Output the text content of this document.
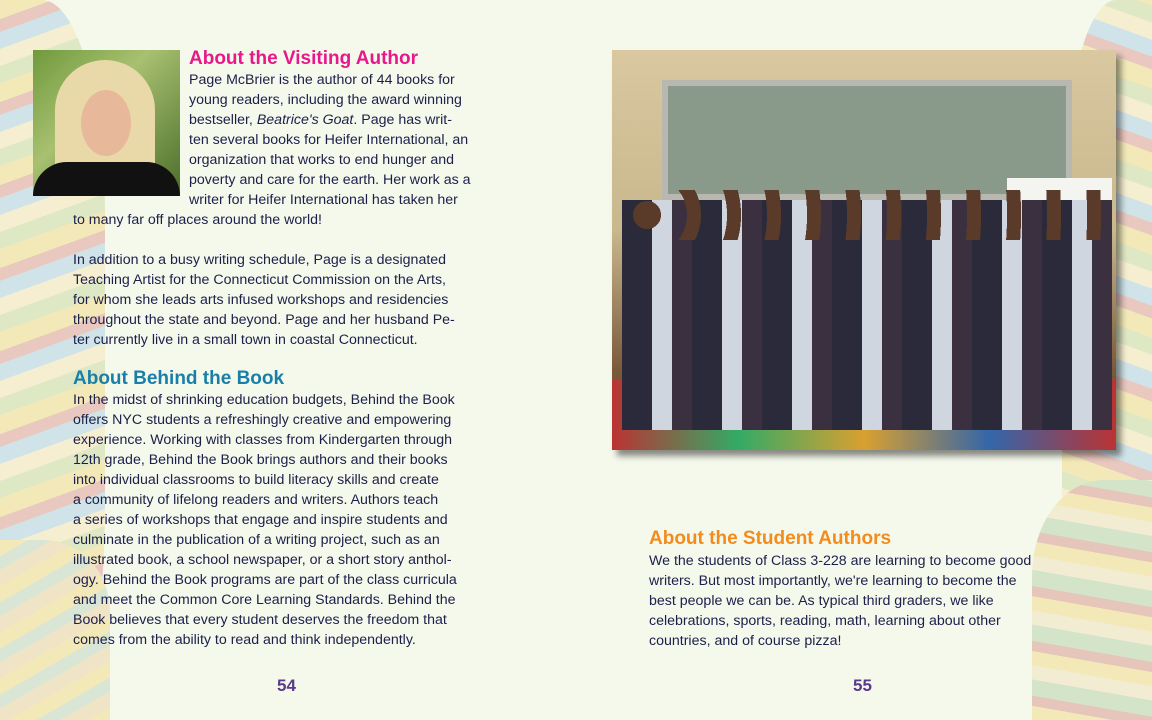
About the Visiting Author
Page McBrier is the author of 44 books for
young readers, including the award winning
bestseller, Beatrice's Goat. Page has writ-
ten several books for Heifer International, an
organization that works to end hunger and
poverty and care for the earth. Her work as a
writer for Heifer International has taken her
to many far off places around the world!
In addition to a busy writing schedule, Page is a designated
Teaching Artist for the Connecticut Commission on the Arts,
for whom she leads arts infused workshops and residencies
throughout the state and beyond. Page and her husband Pe-
ter currently live in a small town in coastal Connecticut.
About Behind the Book
In the midst of shrinking education budgets, Behind the Book
offers NYC students a refreshingly creative and empowering
experience. Working with classes from Kindergarten through
12th grade, Behind the Book brings authors and their books
into individual classrooms to build literacy skills and create
a community of lifelong readers and writers. Authors teach
a series of workshops that engage and inspire students and
culminate in the publication of a writing project, such as an
illustrated book, a school newspaper, or a short story anthol-
ogy. Behind the Book programs are part of the class curricula
and meet the Common Core Learning Standards. Behind the
Book believes that every student deserves the freedom that
comes from the ability to read and think independently.
54
About the Student Authors
We the students of Class 3-228 are learning to become good
writers. But most importantly, we're learning to become the
best people we can be. As typical third graders, we like
celebrations, sports, reading, math, learning about other
countries, and of course pizza!
55
